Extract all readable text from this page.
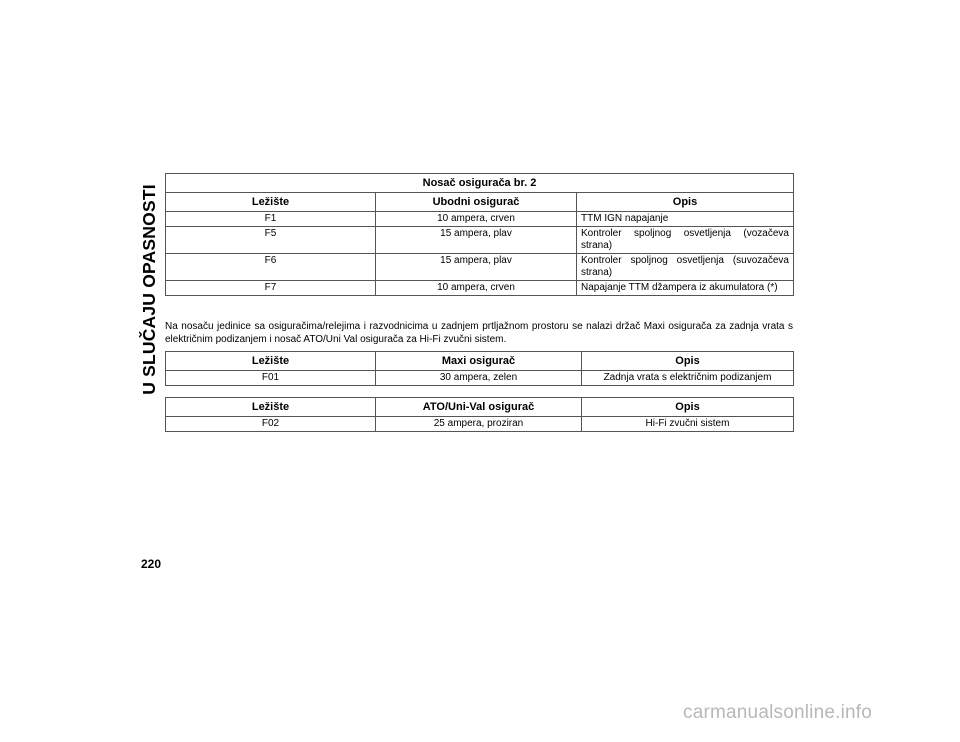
U SLUČAJU OPASNOSTI
Nosač osigurača br. 2		
Ležište	Ubodni osigurač	Opis
F1	10 ampera, crven	TTM IGN napajanje
F5	15 ampera, plav	Kontroler spoljnog osvetljenja (vozačeva strana)
F6	15 ampera, plav	Kontroler spoljnog osvetljenja (suvozačeva strana)
F7	10 ampera, crven	Napajanje TTM džampera iz akumulatora (*)
Na nosaču jedinice sa osiguračima/relejima i razvodnicima u zadnjem prtljažnom prostoru se nalazi držač Maxi osigurača za zadnja vrata s električnim podizanjem i nosač ATO/Uni Val osigurača za Hi-Fi zvučni sistem.
Ležište	Maxi osigurač	Opis
F01	30 ampera, zelen	Zadnja vrata s električnim podizanjem
Ležište	ATO/Uni-Val osigurač	Opis
F02	25 ampera, proziran	Hi-Fi zvučni sistem
220
carmanualsonline.info
